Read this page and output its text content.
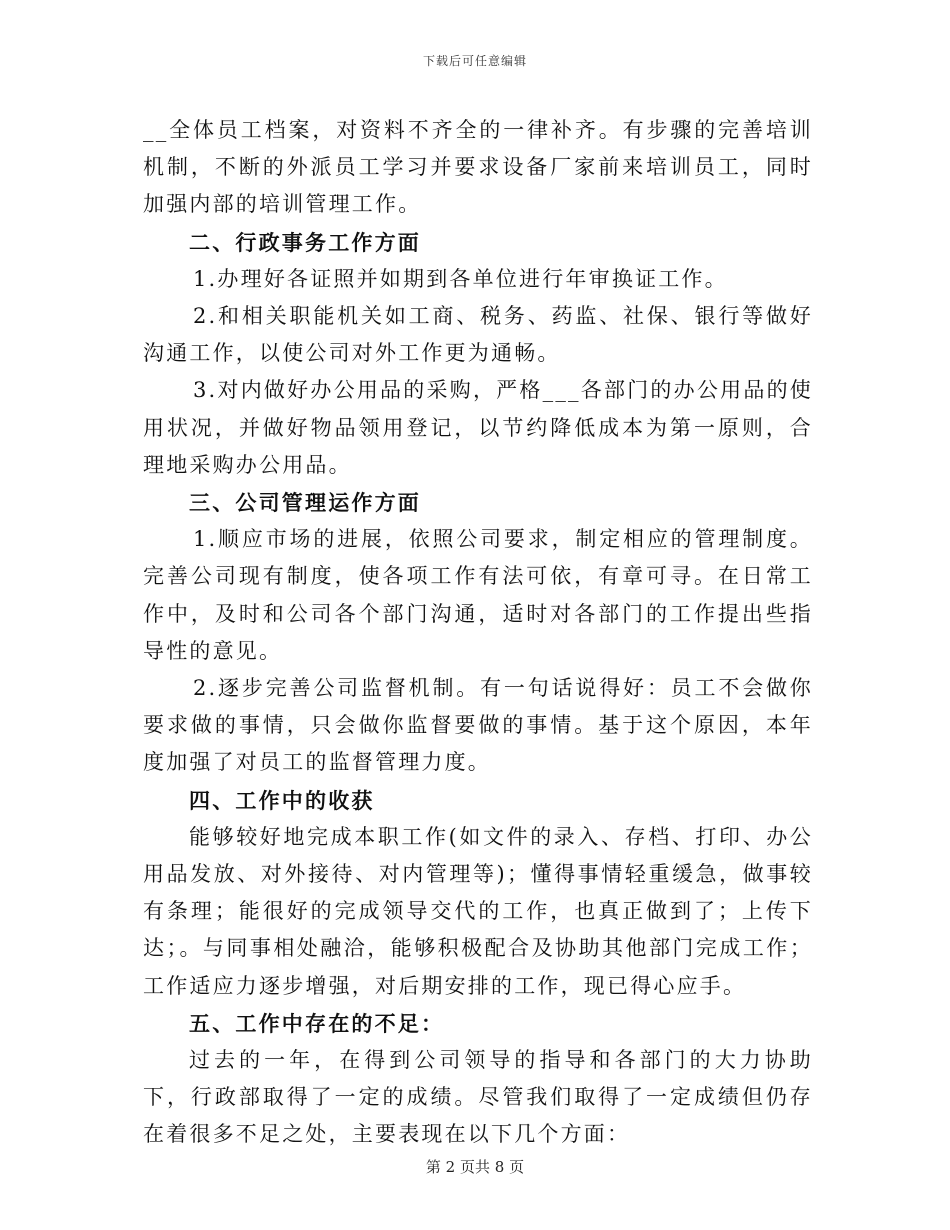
下载后可任意编辑

__全体员工档案，对资料不齐全的一律补齐。有步骤的完善培训机制，不断的外派员工学习并要求设备厂家前来培训员工，同时加强内部的培训管理工作。

二、行政事务工作方面

1.办理好各证照并如期到各单位进行年审换证工作。

2.和相关职能机关如工商、税务、药监、社保、银行等做好沟通工作，以使公司对外工作更为通畅。

3.对内做好办公用品的采购，严格___各部门的办公用品的使用状况，并做好物品领用登记，以节约降低成本为第一原则，合理地采购办公用品。

三、公司管理运作方面

1.顺应市场的进展，依照公司要求，制定相应的管理制度。完善公司现有制度，使各项工作有法可依，有章可寻。在日常工作中，及时和公司各个部门沟通，适时对各部门的工作提出些指导性的意见。

2.逐步完善公司监督机制。有一句话说得好：员工不会做你要求做的事情，只会做你监督要做的事情。基于这个原因，本年度加强了对员工的监督管理力度。

四、工作中的收获

能够较好地完成本职工作(如文件的录入、存档、打印、办公用品发放、对外接待、对内管理等)；懂得事情轻重缓急，做事较有条理；能很好的完成领导交代的工作，也真正做到了；上传下达；。与同事相处融洽，能够积极配合及协助其他部门完成工作；工作适应力逐步增强，对后期安排的工作，现已得心应手。

五、工作中存在的不足：

过去的一年，在得到公司领导的指导和各部门的大力协助下，行政部取得了一定的成绩。尽管我们取得了一定成绩但仍存在着很多不足之处，主要表现在以下几个方面：

第 2 页共 8 页
